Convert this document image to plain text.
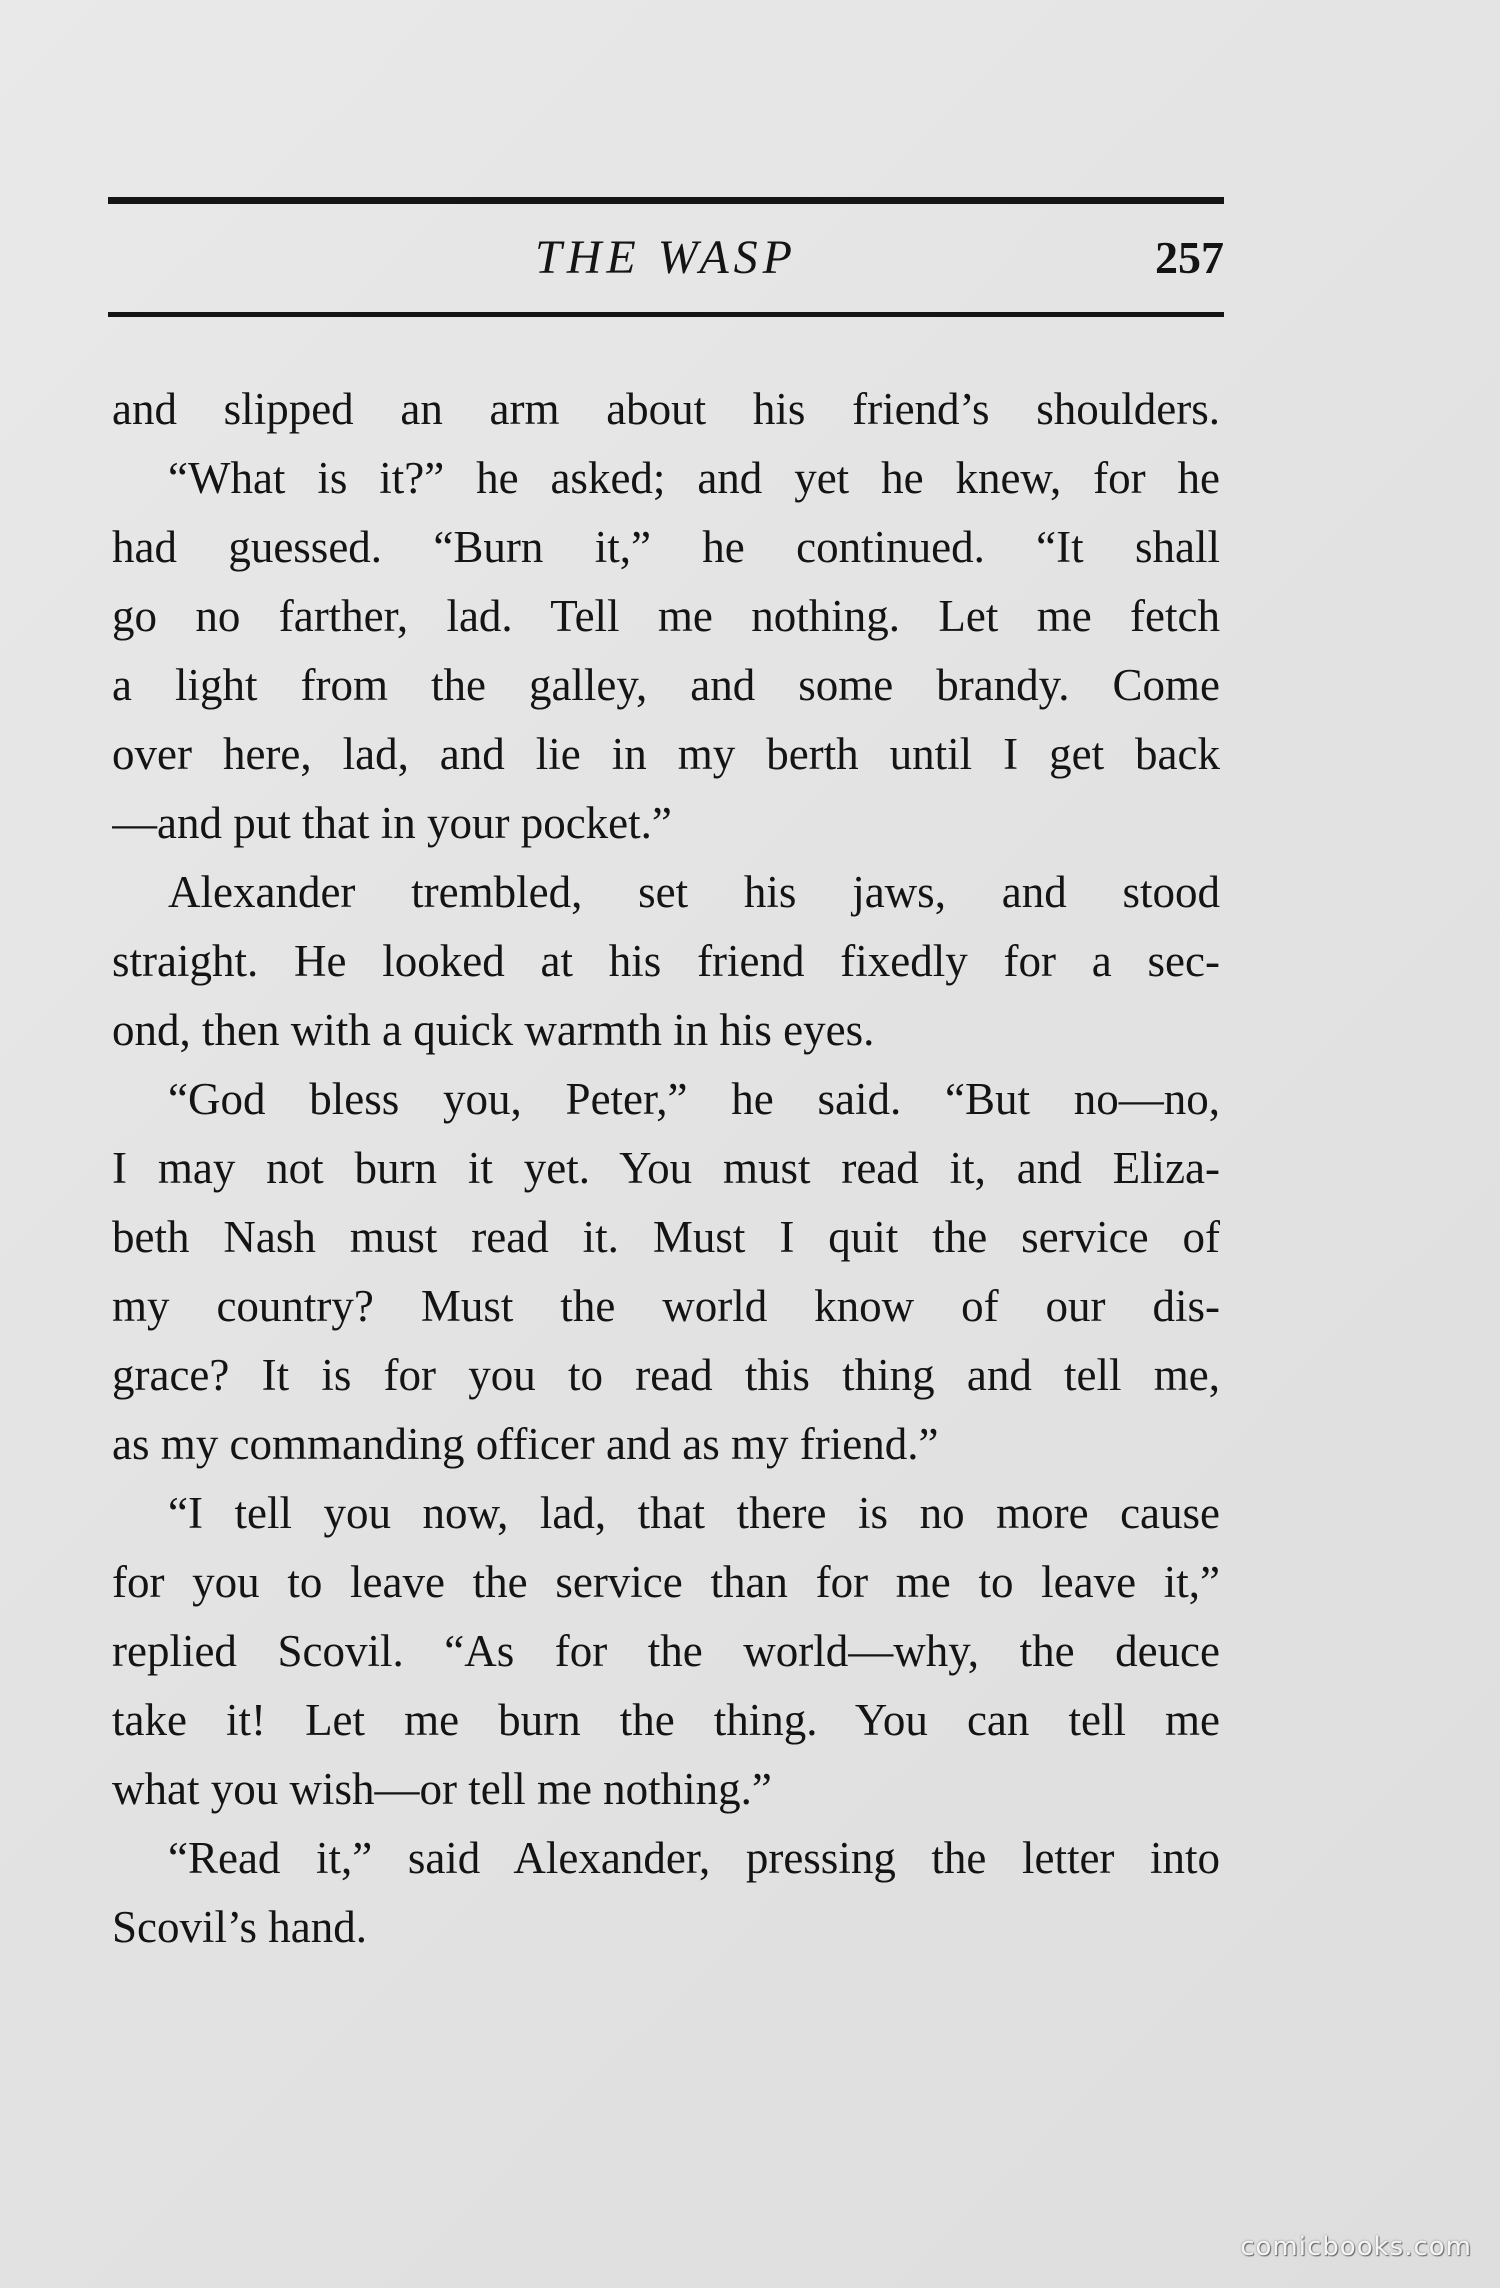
THE WASP	257
and slipped an arm about his friend’s shoulders.
“What is it?” he asked; and yet he knew, for he
had guessed. “Burn it,” he continued. “It shall
go no farther, lad. Tell me nothing. Let me fetch
a light from the galley, and some brandy. Come
over here, lad, and lie in my berth until I get back
—and put that in your pocket.”
Alexander trembled, set his jaws, and stood
straight. He looked at his friend fixedly for a sec-
ond, then with a quick warmth in his eyes.
“God bless you, Peter,” he said. “But no—no,
I may not burn it yet. You must read it, and Eliza-
beth Nash must read it. Must I quit the service of
my country? Must the world know of our dis-
grace? It is for you to read this thing and tell me,
as my commanding officer and as my friend.”
“I tell you now, lad, that there is no more cause
for you to leave the service than for me to leave it,”
replied Scovil. “As for the world—why, the deuce
take it! Let me burn the thing. You can tell me
what you wish—or tell me nothing.”
“Read it,” said Alexander, pressing the letter into
Scovil’s hand.
comicbooks.com
